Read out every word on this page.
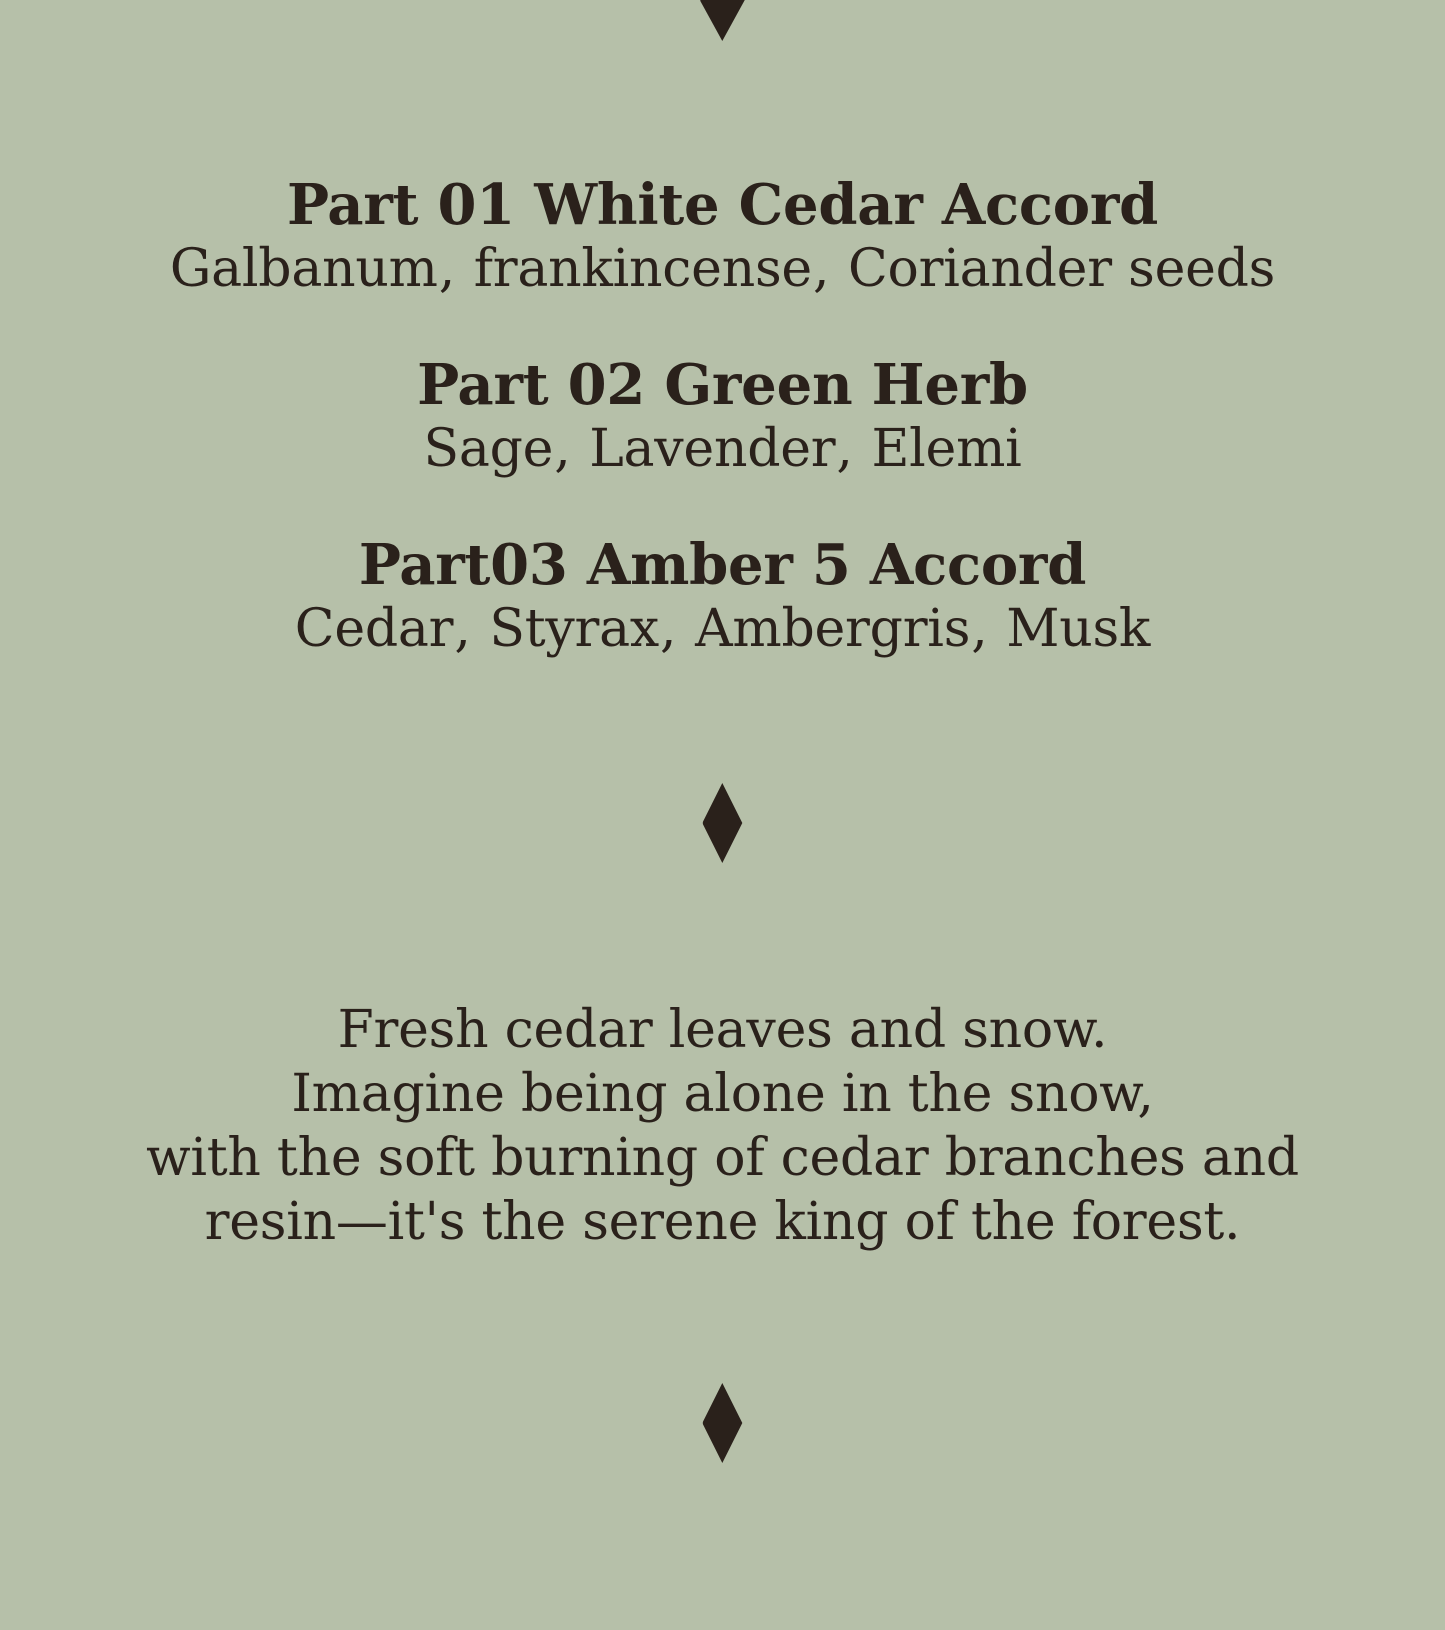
Part 01 White Cedar Accord
Galbanum, frankincense, Coriander seeds
Part 02 Green Herb
Sage, Lavender, Elemi
Part03 Amber 5 Accord
Cedar, Styrax, Ambergris, Musk
Fresh cedar leaves and snow.
Imagine being alone in the snow,
with the soft burning of cedar branches and
resin—it's the serene king of the forest.
